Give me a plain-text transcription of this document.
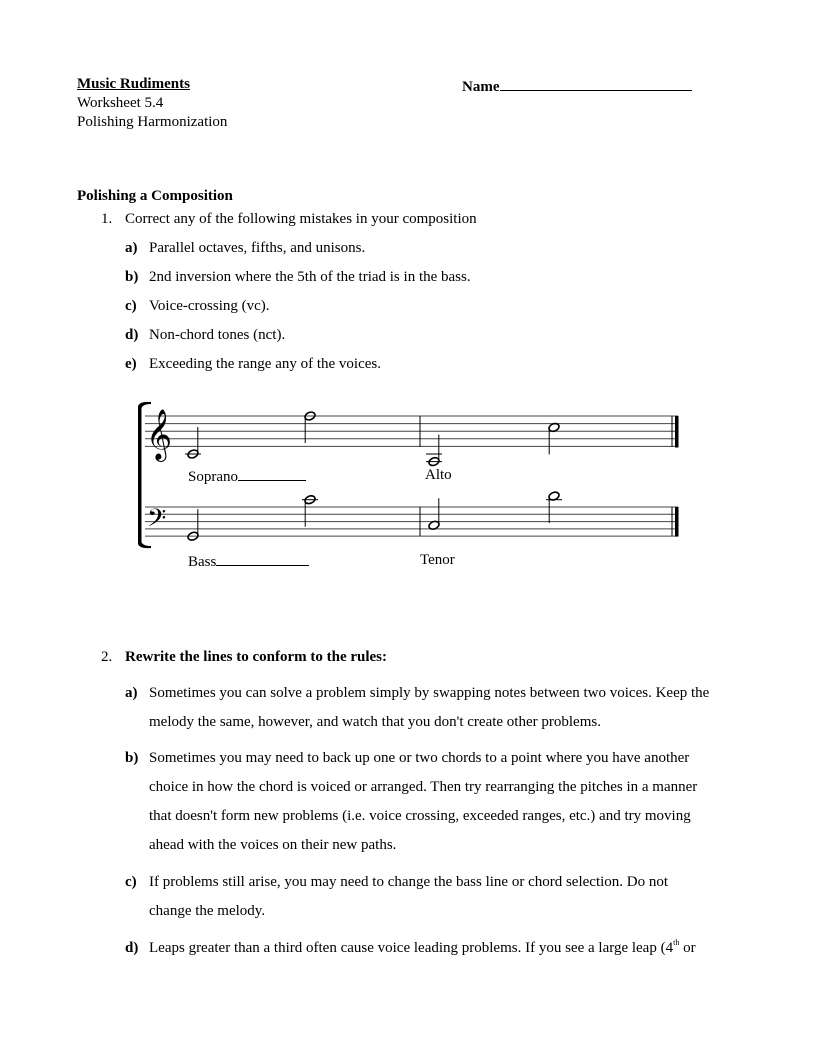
Music Rudiments
Worksheet 5.4
Polishing Harmonization
Name
Polishing a Composition
1. Correct any of the following mistakes in your composition
a) Parallel octaves, fifths, and unisons.
b) 2nd inversion where the 5th of the triad is in the bass.
c) Voice-crossing (vc).
d) Non-chord tones (nct).
e) Exceeding the range any of the voices.
𝄞
𝄢
Soprano	Alto
Bass	Tenor
2. Rewrite the lines to conform to the rules:
a) Sometimes you can solve a problem simply by swapping notes between two voices. Keep the
melody the same, however, and watch that you don't create other problems.
b) Sometimes you may need to back up one or two chords to a point where you have another
choice in how the chord is voiced or arranged. Then try rearranging the pitches in a manner
that doesn't form new problems (i.e. voice crossing, exceeded ranges, etc.) and try moving
ahead with the voices on their new paths.
c) If problems still arise, you may need to change the bass line or chord selection. Do not
change the melody.
d) Leaps greater than a third often cause voice leading problems. If you see a large leap (4th or
